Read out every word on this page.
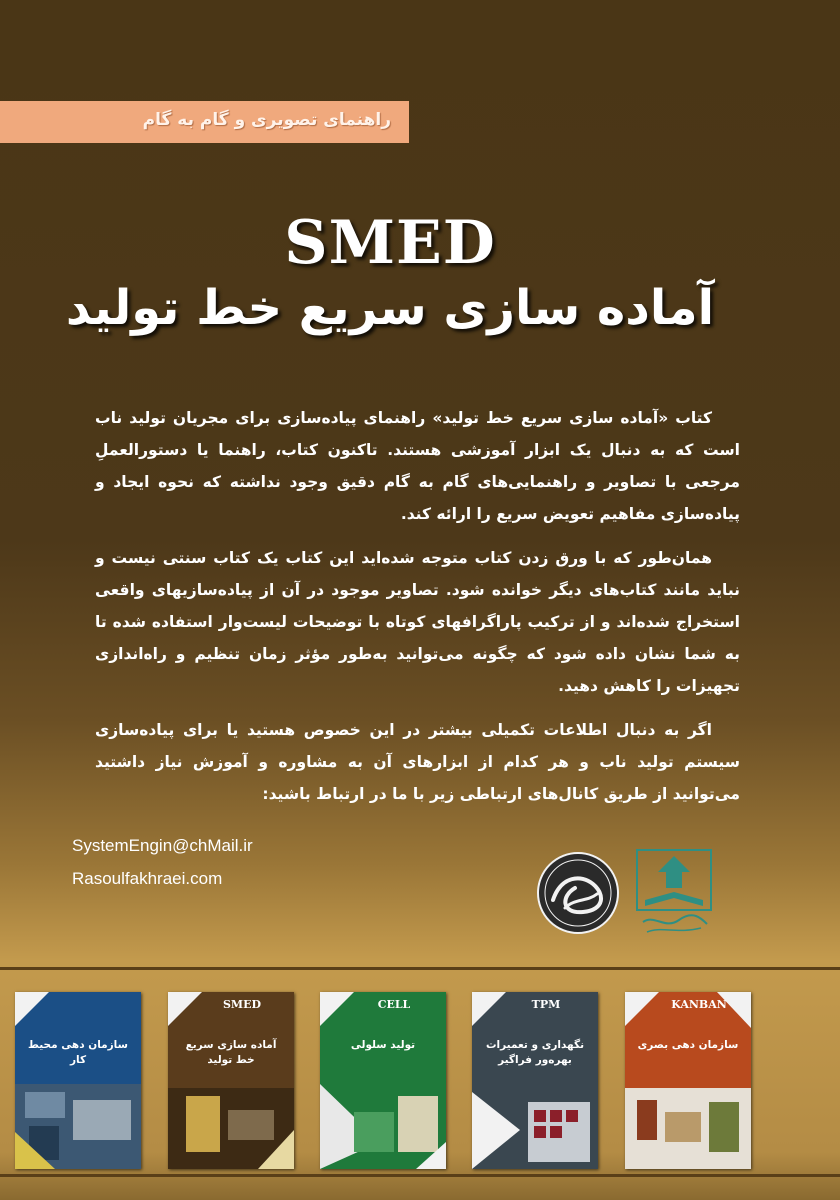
راهنمای تصویری و گام به گام
SMED
آماده سازی سریع خط تولید

کتاب «آماده سازی سریع خط تولید» راهنمای پیاده‌سازی برای مجریان تولید ناب است که به دنبال یک ابزار آموزشی هستند. تاکنون کتاب، راهنما یا دستورالعملِ مرجعی با تصاویر و راهنمایی‌های گام به گام دقیق وجود نداشته که نحوه ایجاد و پیاده‌سازی مفاهیم تعویض سریع را ارائه کند.

همان‌طور که با ورق زدن کتاب متوجه شده‌اید این کتاب یک کتاب سنتی نیست و نباید مانند کتاب‌های دیگر خوانده شود. تصاویر موجود در آن از پیاده‌سازیهای واقعی استخراج شده‌اند و از ترکیب پاراگرافهای کوتاه با توضیحات لیست‌وار استفاده شده تا به شما نشان داده شود که چگونه می‌توانید به‌طور مؤثر زمان تنظیم و راه‌اندازی تجهیزات را کاهش دهید.

اگر به دنبال اطلاعات تکمیلی بیشتر در این خصوص هستید یا برای پیاده‌سازی سیستم تولید ناب و هر کدام از ابزارهای آن به مشاوره و آموزش نیاز داشتید می‌توانید از طریق کانال‌های ارتباطی زیر با ما در ارتباط باشید:

SystemEngin@chMail.ir
Rasoulfakhraei.com
سازمان دهی محیط کار
SMED
آماده سازی سریع خط تولید
CELL
تولید سلولی
TPM
نگهداری و تعمیرات بهره‌ور فراگیر
KANBAN
سازمان دهی بصری
